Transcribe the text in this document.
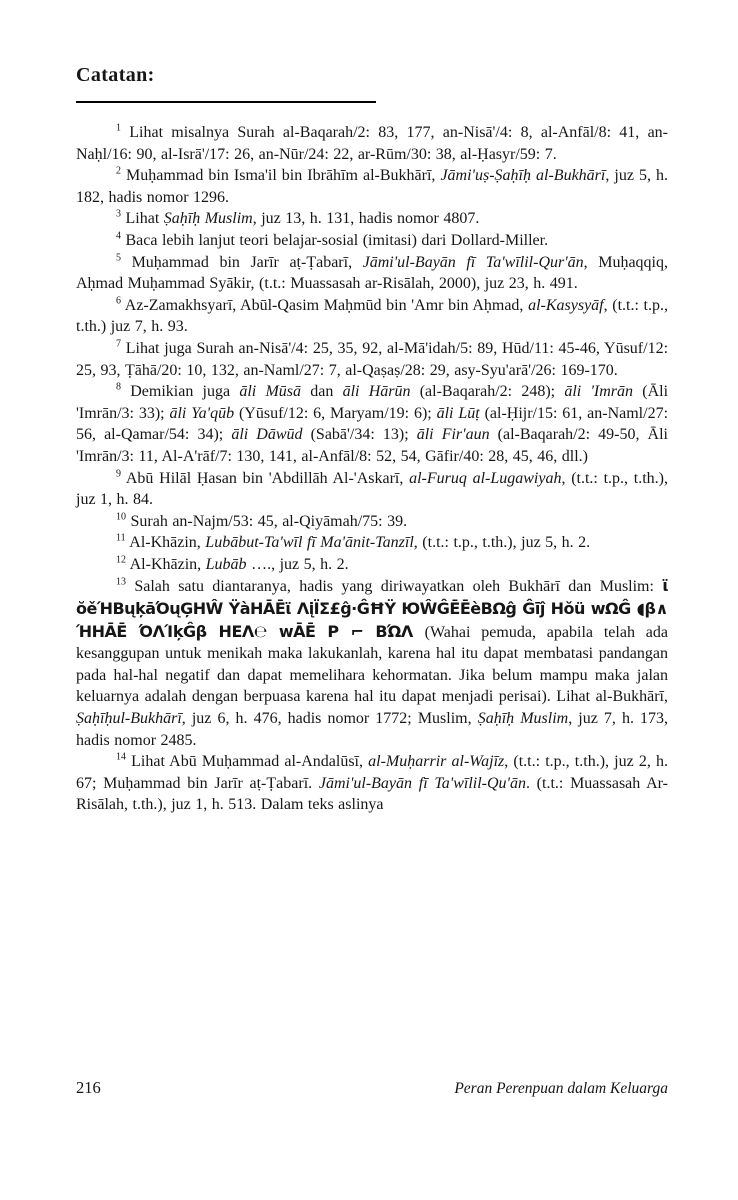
Catatan:

$^1$ Lihat misalnya Surah al-Baqarah/2: 83, 177, an-Nisā'/4: 8, al-Anfāl/8: 41, an-Naḥl/16: 90, al-Isrā'/17: 26, an-Nūr/24: 22, ar-Rūm/30: 38, al-Ḥasyr/59: 7.

$^2$ Muḥammad bin Isma'il bin Ibrāhīm al-Bukhārī, Jāmi'uṣ-Ṣaḥīḥ al-Bukhārī, juz 5, h. 182, hadis nomor 1296.

$^3$ Lihat Ṣaḥīḥ Muslim, juz 13, h. 131, hadis nomor 4807.

$^4$ Baca lebih lanjut teori belajar-sosial (imitasi) dari Dollard-Miller.

$^5$ Muḥammad bin Jarīr aṭ-Ṭabarī, Jāmi'ul-Bayān fī Ta'wīlil-Qur'ān, Muḥaqqiq, Aḥmad Muḥammad Syākir, (t.t.: Muassasah ar-Risālah, 2000), juz 23, h. 491.

$^6$ Az-Zamakhsyarī, Abūl-Qasim Maḥmūd bin 'Amr bin Aḥmad, al-Kasysyāf, (t.t.: t.p., t.th.) juz 7, h. 93.

$^7$ Lihat juga Surah an-Nisā'/4: 25, 35, 92, al-Mā'idah/5: 89, Hūd/11: 45-46, Yūsuf/12: 25, 93, Ṭāhā/20: 10, 132, an-Naml/27: 7, al-Qaṣaṣ/28: 29, asy-Syu'arā'/26: 169-170.

$^8$ Demikian juga āli Mūsā dan āli Hārūn (al-Baqarah/2: 248); āli 'Imrān (Āli 'Imrān/3: 33); āli Ya'qūb (Yūsuf/12: 6, Maryam/19: 6); āli Lūṭ (al-Ḥijr/15: 61, an-Naml/27: 56, al-Qamar/54: 34); āli Dāwūd (Sabā'/34: 13); āli Fir'aun (al-Baqarah/2: 49-50, Āli 'Imrān/3: 11, Al-A'rāf/7: 130, 141, al-Anfāl/8: 52, 54, Gāfir/40: 28, 45, 46, dll.)

$^9$ Abū Hilāl Ḥasan bin 'Abdillāh Al-'Askarī, al-Furuq al-Lugawiyah, (t.t.: t.p., t.th.), juz 1, h. 84.

$^{10}$ Surah an-Najm/53: 45, al-Qiyāmah/75: 39.

$^{11}$ Al-Khāzin, Lubābut-Ta'wīl fī Ma'ānit-Tanzīl, (t.t.: t.p., t.th.), juz 5, h. 2.

$^{12}$ Al-Khāzin, Lubāb …., juz 5, h. 2.

$^{13}$ Salah satu diantaranya, hadis yang diriwayatkan oleh Bukhārī dan Muslim: ϊ ŏěΉΒųķāΌųĢΗŴ ΫàΗĀĒϊ ΛįΪΣ£ĝ∙ĜĦΫ ЮŴĜĒĒèΒΩĝ Ĝīĵ Ηŏü wΩĜ ◖β∧ ΉΗĀĒ ΌΛΊķĜβ ΗΕΛ℮ wĀĒ Ρ ⌐ ΒΏΛ (Wahai pemuda, apabila telah ada kesanggupan untuk menikah maka lakukanlah, karena hal itu dapat membatasi pandangan pada hal-hal negatif dan dapat memelihara kehormatan. Jika belum mampu maka jalan keluarnya adalah dengan berpuasa karena hal itu dapat menjadi perisai). Lihat al-Bukhārī, Ṣaḥīḥul-Bukhārī, juz 6, h. 476, hadis nomor 1772; Muslim, Ṣaḥīḥ Muslim, juz 7, h. 173, hadis nomor 2485.

$^{14}$ Lihat Abū Muḥammad al-Andalūsī, al-Muḥarrir al-Wajīz, (t.t.: t.p., t.th.), juz 2, h. 67; Muḥammad bin Jarīr aṭ-Ṭabarī. Jāmi'ul-Bayān fī Ta'wīlil-Qu'ān. (t.t.: Muassasah Ar-Risālah, t.th.), juz 1, h. 513. Dalam teks aslinya

216	Peran Perenpuan dalam Keluarga
